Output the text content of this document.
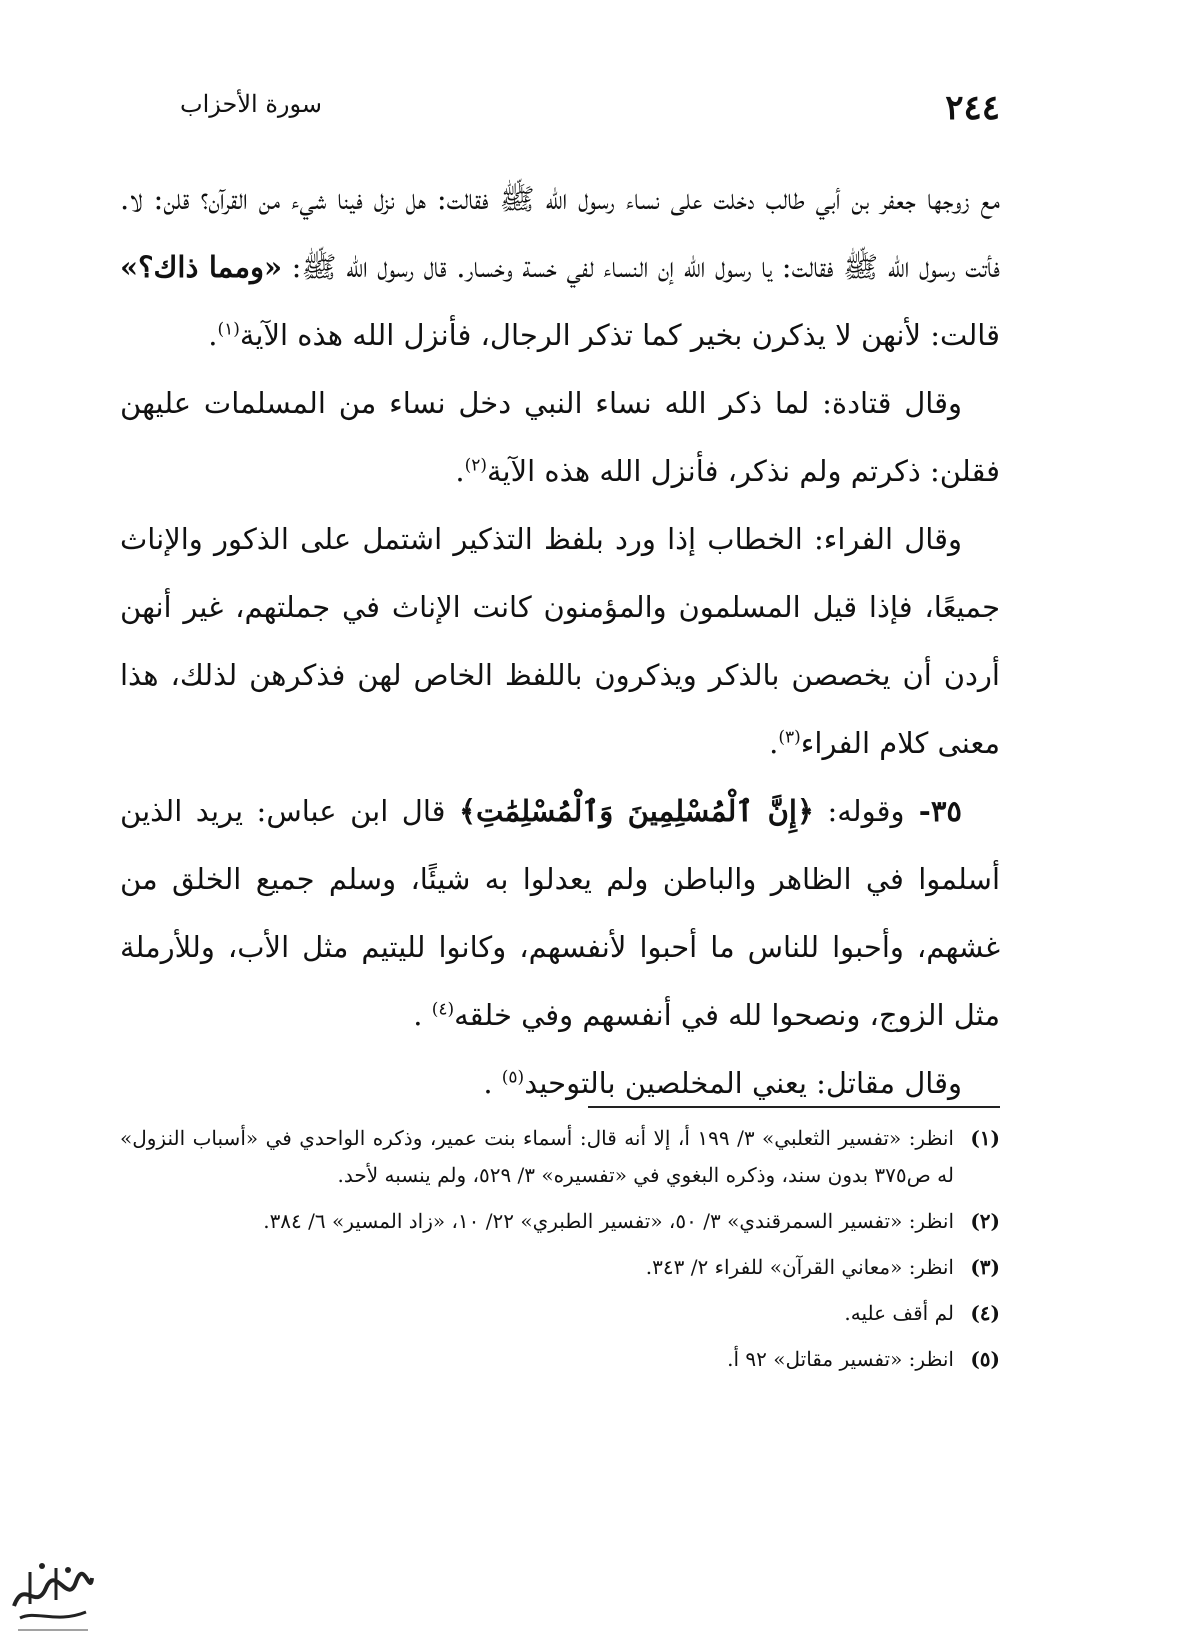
٢٤٤
سورة الأحزاب

مع زوجها جعفر بن أبي طالب دخلت على نساء رسول الله ﷺ فقالت: هل نزل فينا شيء من القرآن؟ قلن: لا. فأتت رسول الله ﷺ فقالت: يا رسول الله إن النساء لفي خسة وخسار. قال رسول الله ﷺ: «ومما ذاك؟» قالت: لأنهن لا يذكرن بخير كما تذكر الرجال، فأنزل الله هذه الآية$^{(١)}$.

وقال قتادة: لما ذكر الله نساء النبي دخل نساء من المسلمات عليهن فقلن: ذكرتم ولم نذكر، فأنزل الله هذه الآية$^{(٢)}$.

وقال الفراء: الخطاب إذا ورد بلفظ التذكير اشتمل على الذكور والإناث جميعًا، فإذا قيل المسلمون والمؤمنون كانت الإناث في جملتهم، غير أنهن أردن أن يخصصن بالذكر ويذكرون باللفظ الخاص لهن فذكرهن لذلك، هذا معنى كلام الفراء$^{(٣)}$.

٣٥- وقوله: ﴿إِنَّ ٱلْمُسْلِمِينَ وَٱلْمُسْلِمَٰتِ﴾ قال ابن عباس: يريد الذين أسلموا في الظاهر والباطن ولم يعدلوا به شيئًا، وسلم جميع الخلق من غشهم، وأحبوا للناس ما أحبوا لأنفسهم، وكانوا لليتيم مثل الأب، وللأرملة مثل الزوج، ونصحوا لله في أنفسهم وفي خلقه$^{(٤)}$ .

وقال مقاتل: يعني المخلصين بالتوحيد$^{(٥)}$ .

(١)
انظر: «تفسير الثعلبي» ٣/ ١٩٩ أ، إلا أنه قال: أسماء بنت عمير، وذكره الواحدي في «أسباب النزول» له ص٣٧٥ بدون سند، وذكره البغوي في «تفسيره» ٣/ ٥٢٩، ولم ينسبه لأحد.
(٢)
انظر: «تفسير السمرقندي» ٣/ ٥٠، «تفسير الطبري» ٢٢/ ١٠، «زاد المسير» ٦/ ٣٨٤.
(٣)
انظر: «معاني القرآن» للفراء ٢/ ٣٤٣.
(٤)
لم أقف عليه.
(٥)
انظر: «تفسير مقاتل» ٩٢ أ.
